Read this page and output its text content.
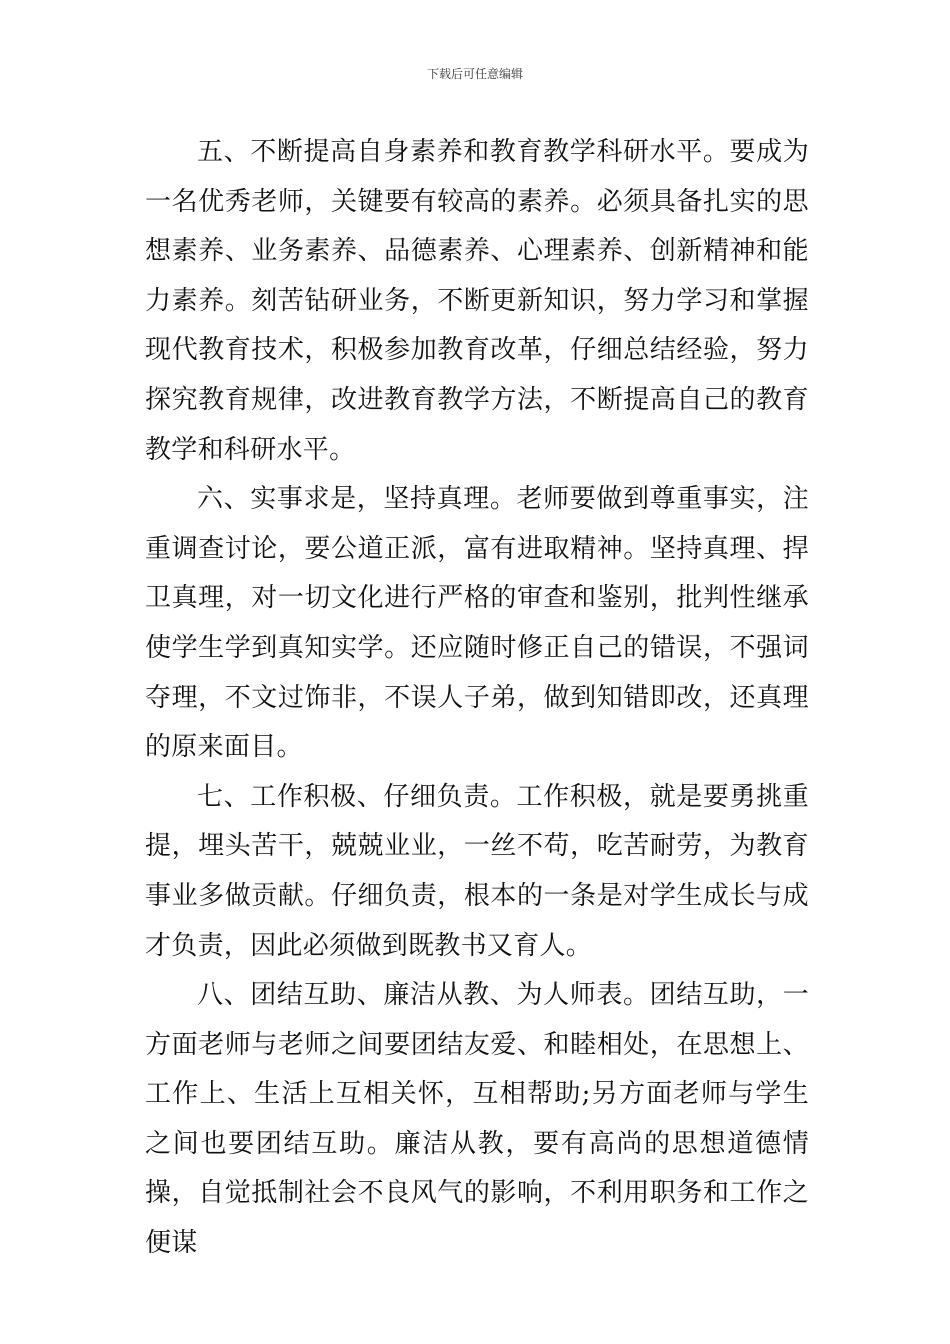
下载后可任意编辑

五、不断提高自身素养和教育教学科研水平。要成为一名优秀老师，关键要有较高的素养。必须具备扎实的思想素养、业务素养、品德素养、心理素养、创新精神和能力素养。刻苦钻研业务，不断更新知识，努力学习和掌握现代教育技术，积极参加教育改革，仔细总结经验，努力探究教育规律，改进教育教学方法，不断提高自己的教育教学和科研水平。

六、实事求是，坚持真理。老师要做到尊重事实，注重调查讨论，要公道正派，富有进取精神。坚持真理、捍卫真理，对一切文化进行严格的审查和鉴别，批判性继承使学生学到真知实学。还应随时修正自己的错误，不强词夺理，不文过饰非，不误人子弟，做到知错即改，还真理的原来面目。

七、工作积极、仔细负责。工作积极，就是要勇挑重提，埋头苦干，兢兢业业，一丝不苟，吃苦耐劳，为教育事业多做贡献。仔细负责，根本的一条是对学生成长与成才负责，因此必须做到既教书又育人。

八、团结互助、廉洁从教、为人师表。团结互助，一方面老师与老师之间要团结友爱、和睦相处，在思想上、工作上、生活上互相关怀，互相帮助;另方面老师与学生之间也要团结互助。廉洁从教，要有高尚的思想道德情操，自觉抵制社会不良风气的影响，不利用职务和工作之便谋
